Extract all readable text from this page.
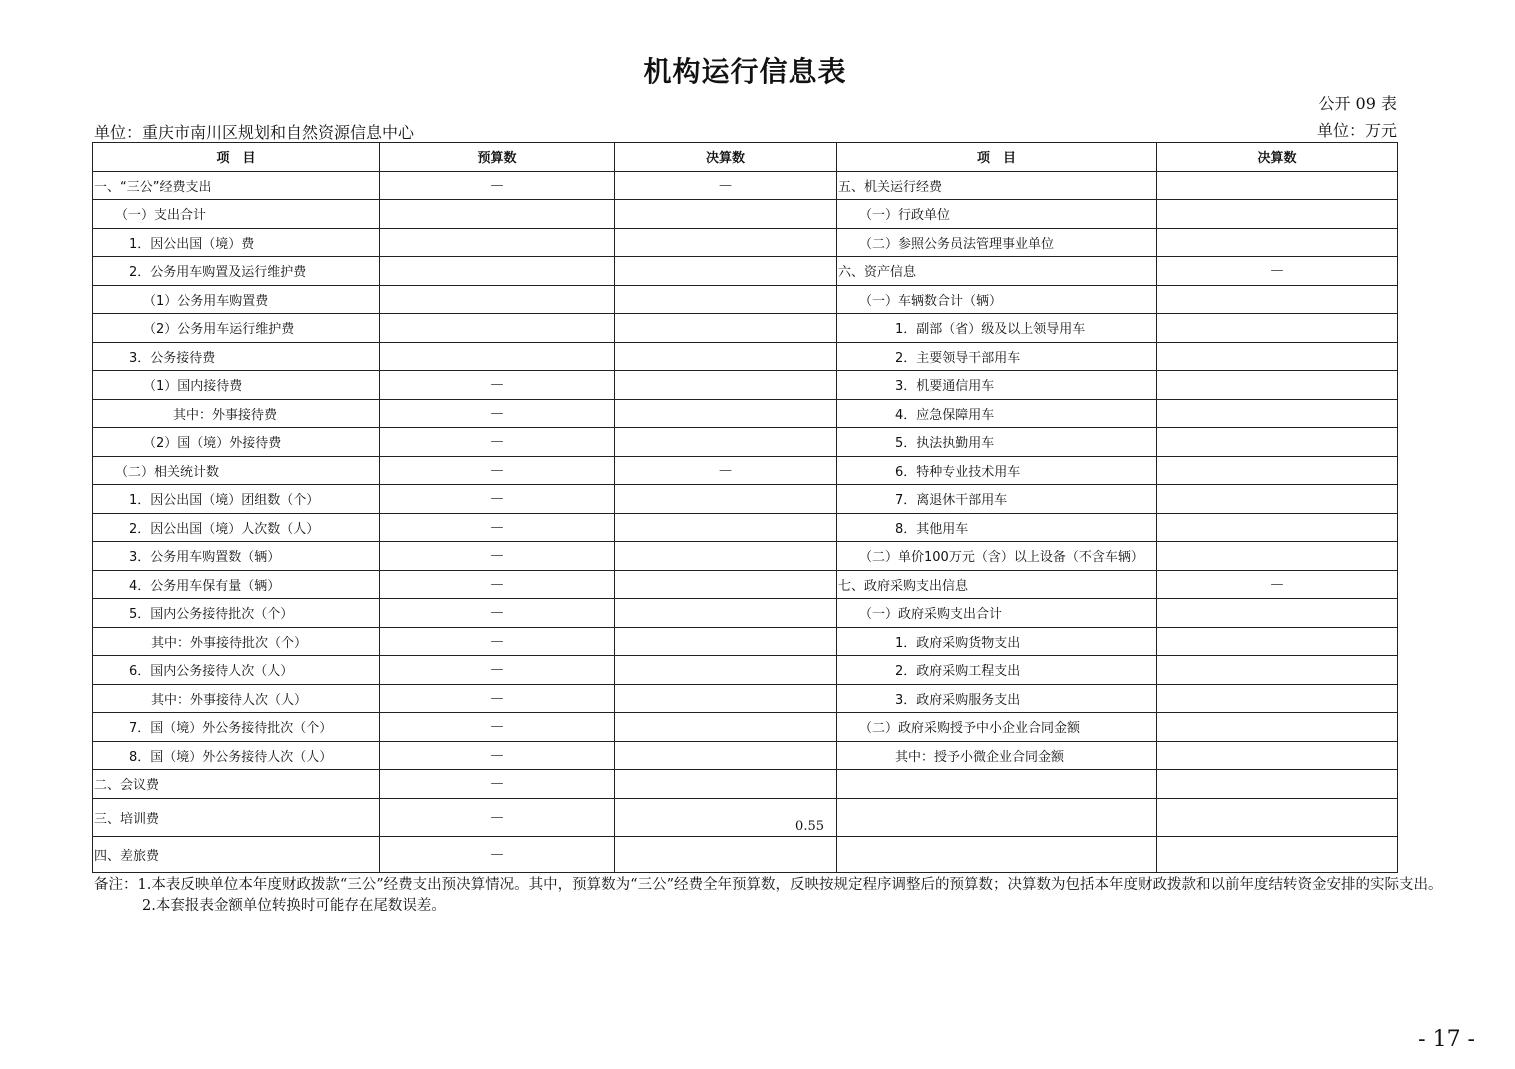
机构运行信息表
公开 09 表
单位：重庆市南川区规划和自然资源信息中心	单位：万元
项　目	预算数	决算数	项　目	决算数
一、“三公”经费支出	—	—	五、机关运行经费	
（一）支出合计			（一）行政单位	
1．因公出国（境）费			（二）参照公务员法管理事业单位	
2．公务用车购置及运行维护费			六、资产信息	—
（1）公务用车购置费			（一）车辆数合计（辆）	
（2）公务用车运行维护费			1．副部（省）级及以上领导用车	
3．公务接待费			2．主要领导干部用车	
（1）国内接待费	—		3．机要通信用车	
其中：外事接待费	—		4．应急保障用车	
（2）国（境）外接待费	—		5．执法执勤用车	
（二）相关统计数	—	—	6．特种专业技术用车	
1．因公出国（境）团组数（个）	—		7．离退休干部用车	
2．因公出国（境）人次数（人）	—		8．其他用车	
3．公务用车购置数（辆）	—		（二）单价100万元（含）以上设备（不含车辆）	
4．公务用车保有量（辆）	—		七、政府采购支出信息	—
5．国内公务接待批次（个）	—		（一）政府采购支出合计	
其中：外事接待批次（个）	—		1．政府采购货物支出	
6．国内公务接待人次（人）	—		2．政府采购工程支出	
其中：外事接待人次（人）	—		3．政府采购服务支出	
7．国（境）外公务接待批次（个）	—		（二）政府采购授予中小企业合同金额	
8．国（境）外公务接待人次（人）	—		其中：授予小微企业合同金额	
二、会议费	—			
三、培训费	—	0.55		
四、差旅费	—			
备注：1.本表反映单位本年度财政拨款“三公”经费支出预决算情况。其中，预算数为“三公”经费全年预算数，反映按规定程序调整后的预算数；决算数为包括本年度财政拨款和以前年度结转资金安排的实际支出。
2.本套报表金额单位转换时可能存在尾数误差。
- 17 -
